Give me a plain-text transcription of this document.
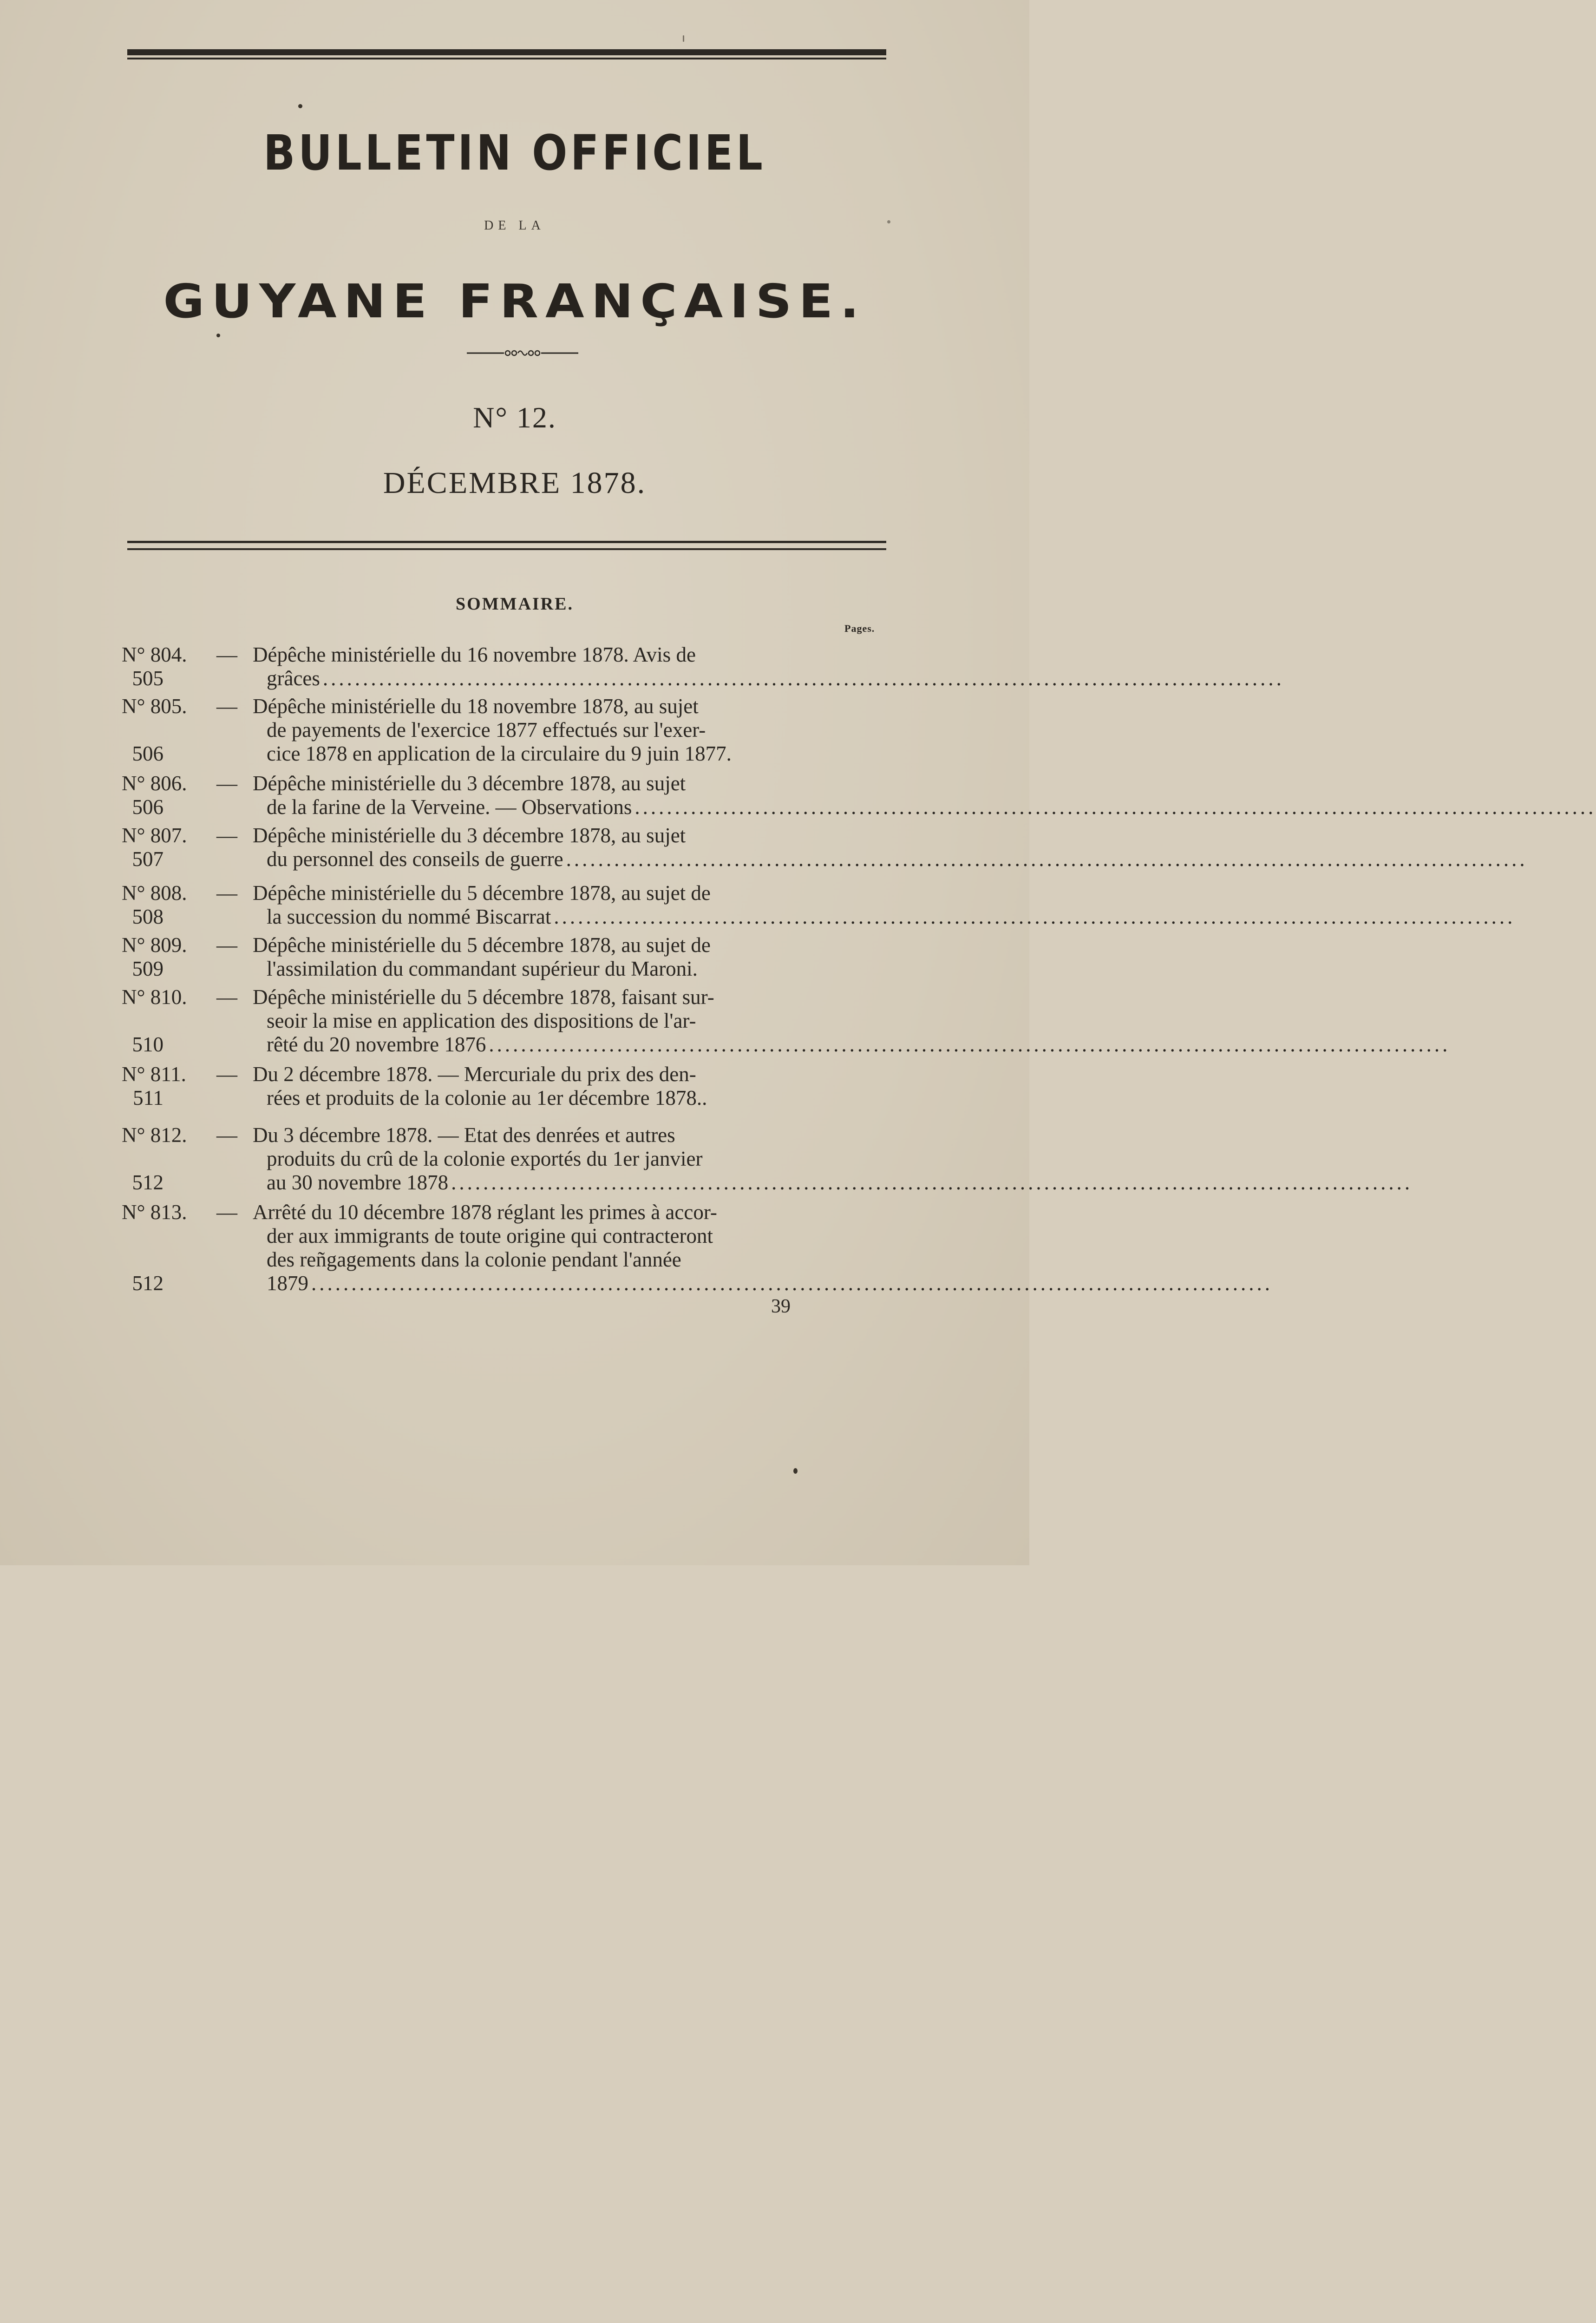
BULLETIN OFFICIEL
DE LA
GUYANE FRANÇAISE.
N° 12.
DÉCEMBRE 1878.
SOMMAIRE.
Pages.
N° 804. — Dépêche ministérielle du 16 novembre 1878. Avis de
grâces ........................................................................................................................
505
N° 805. — Dépêche ministérielle du 18 novembre 1878, au sujet
de payements de l'exercice 1877 effectués sur l'exer-
cice 1878 en application de la circulaire du 9 juin 1877.
506
N° 806. — Dépêche ministérielle du 3 décembre 1878, au sujet
de la farine de la Verveine. — Observations ........................................................................................................................
506
N° 807. — Dépêche ministérielle du 3 décembre 1878, au sujet
du personnel des conseils de guerre ........................................................................................................................
507
N° 808. — Dépêche ministérielle du 5 décembre 1878, au sujet de
la succession du nommé Biscarrat ........................................................................................................................
508
N° 809. — Dépêche ministérielle du 5 décembre 1878, au sujet de
l'assimilation du commandant supérieur du Maroni.
509
N° 810. — Dépêche ministérielle du 5 décembre 1878, faisant sur-
seoir la mise en application des dispositions de l'ar-
rêté du 20 novembre 1876 ........................................................................................................................
510
N° 811. — Du 2 décembre 1878. — Mercuriale du prix des den-
rées et produits de la colonie au 1er décembre 1878..
511
N° 812. — Du 3 décembre 1878. — Etat des denrées et autres
produits du crû de la colonie exportés du 1er janvier
au 30 novembre 1878 ........................................................................................................................
512
N° 813. — Arrêté du 10 décembre 1878 réglant les primes à accor-
der aux immigrants de toute origine qui contracteront
des reñgagements dans la colonie pendant l'année
1879 ........................................................................................................................
512
39
